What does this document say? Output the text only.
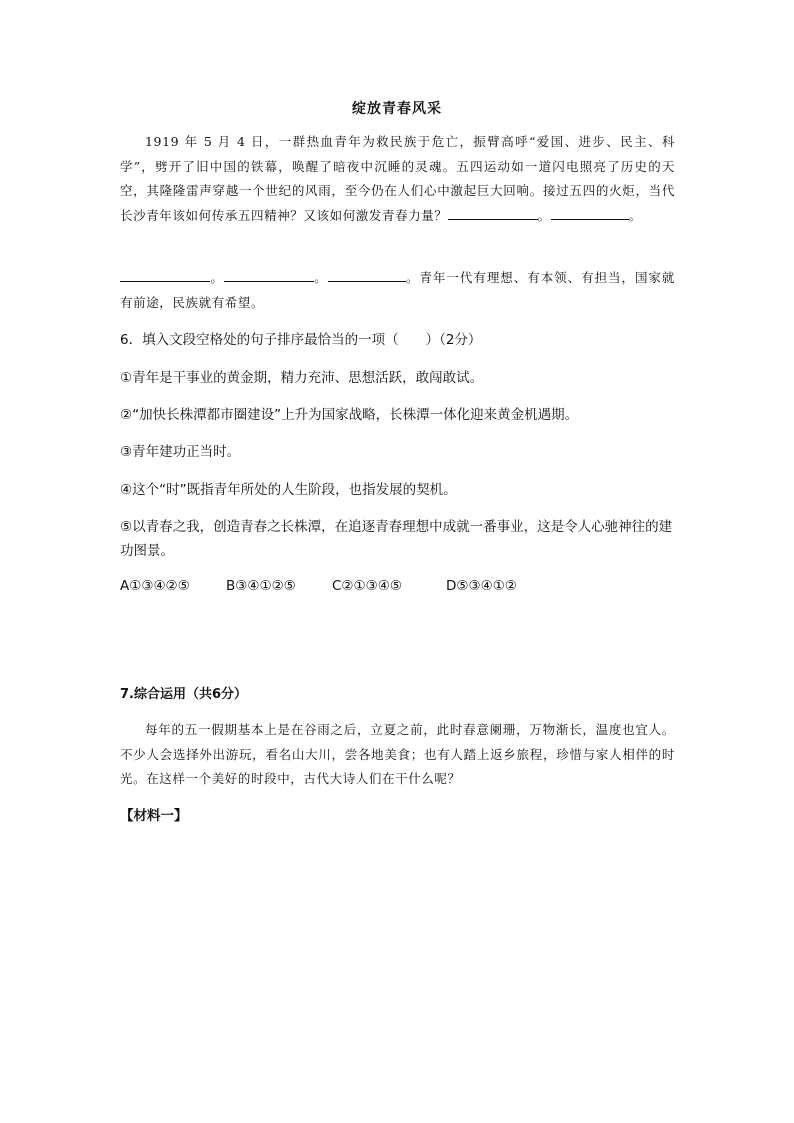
绽放青春风采
1919 年 5 月 4 日，一群热血青年为救民族于危亡，振臂高呼“爱国、进步、民主、科学”，劈开了旧中国的铁幕，唤醒了暗夜中沉睡的灵魂。五四运动如一道闪电照亮了历史的天空，其隆隆雷声穿越一个世纪的风雨，至今仍在人们心中激起巨大回响。接过五四的火炬，当代长沙青年该如何传承五四精神？又该如何激发青春力量？	。	。
。	。	。青年一代有理想、有本领、有担当，国家就有前途，民族就有希望。
6．填入文段空格处的句子排序最恰当的一项（　　）（2分）
①青年是干事业的黄金期，精力充沛、思想活跃，敢闯敢试。
②“加快长株潭都市圈建设”上升为国家战略，长株潭一体化迎来黄金机遇期。
③青年建功正当时。
④这个“时”既指青年所处的人生阶段，也指发展的契机。
⑤以青春之我，创造青春之长株潭，在追逐青春理想中成就一番事业，这是令人心驰神往的建功图景。
A①③④②⑤	B③④①②⑤	C②①③④⑤	D⑤③④①②
7.综合运用（共6分）
每年的五一假期基本上是在谷雨之后，立夏之前，此时春意阑珊，万物渐长，温度也宜人。不少人会选择外出游玩，看名山大川，尝各地美食；也有人踏上返乡旅程，珍惜与家人相伴的时光。在这样一个美好的时段中，古代大诗人们在干什么呢？
【材料一】
